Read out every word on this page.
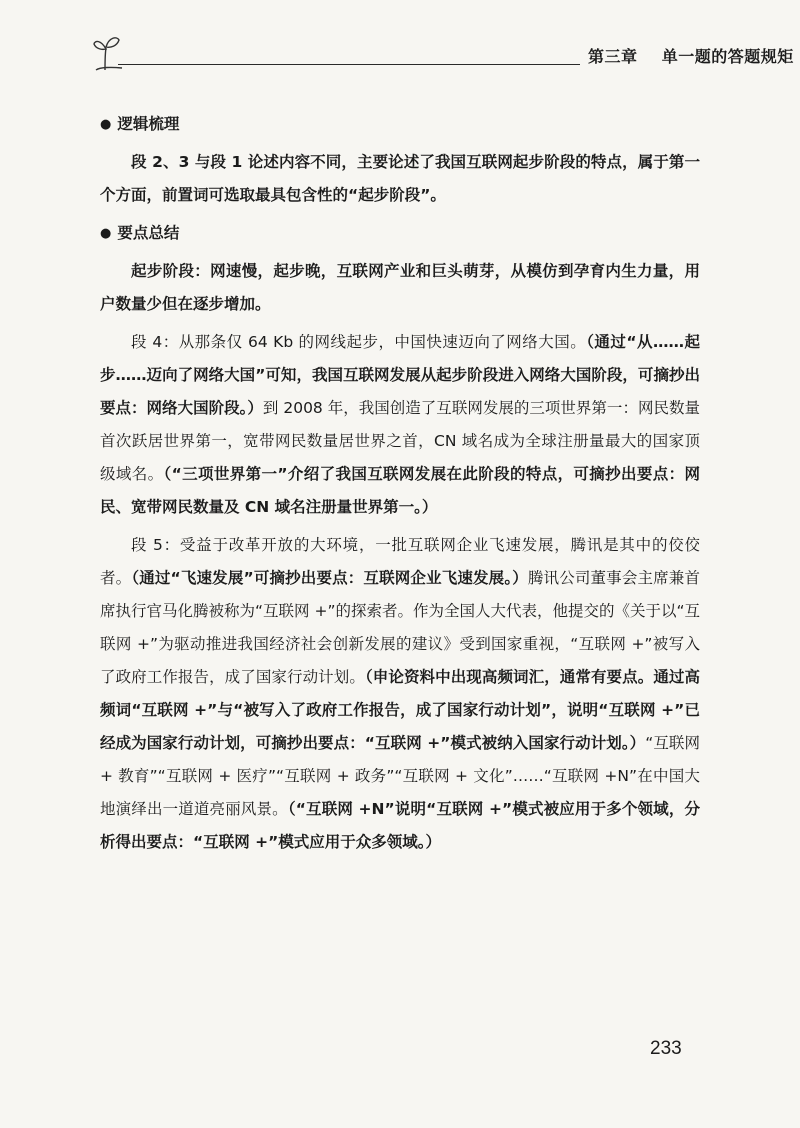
第三章 单一题的答题规矩

● 逻辑梳理

段 2、3 与段 1 论述内容不同，主要论述了我国互联网起步阶段的特点，属于第一个方面，前置词可选取最具包含性的“起步阶段”。

● 要点总结

起步阶段：网速慢，起步晚，互联网产业和巨头萌芽，从模仿到孕育内生力量，用户数量少但在逐步增加。

段 4：从那条仅 64 Kb 的网线起步，中国快速迈向了网络大国。（通过“从……起步……迈向了网络大国”可知，我国互联网发展从起步阶段进入网络大国阶段，可摘抄出要点：网络大国阶段。）到 2008 年，我国创造了互联网发展的三项世界第一：网民数量首次跃居世界第一，宽带网民数量居世界之首，CN 域名成为全球注册量最大的国家顶级域名。（“三项世界第一”介绍了我国互联网发展在此阶段的特点，可摘抄出要点：网民、宽带网民数量及 CN 域名注册量世界第一。）

段 5：受益于改革开放的大环境，一批互联网企业飞速发展，腾讯是其中的佼佼者。（通过“飞速发展”可摘抄出要点：互联网企业飞速发展。）腾讯公司董事会主席兼首席执行官马化腾被称为“互联网 +”的探索者。作为全国人大代表，他提交的《关于以“互联网 +”为驱动推进我国经济社会创新发展的建议》受到国家重视，“互联网 +”被写入了政府工作报告，成了国家行动计划。（申论资料中出现高频词汇，通常有要点。通过高频词“互联网 +”与“被写入了政府工作报告，成了国家行动计划”，说明“互联网 +”已经成为国家行动计划，可摘抄出要点：“互联网 +”模式被纳入国家行动计划。）“互联网 + 教育”“互联网 + 医疗”“互联网 + 政务”“互联网 + 文化”……“互联网 +N”在中国大地演绎出一道道亮丽风景。（“互联网 +N”说明“互联网 +”模式被应用于多个领域，分析得出要点：“互联网 +”模式应用于众多领域。）

233
